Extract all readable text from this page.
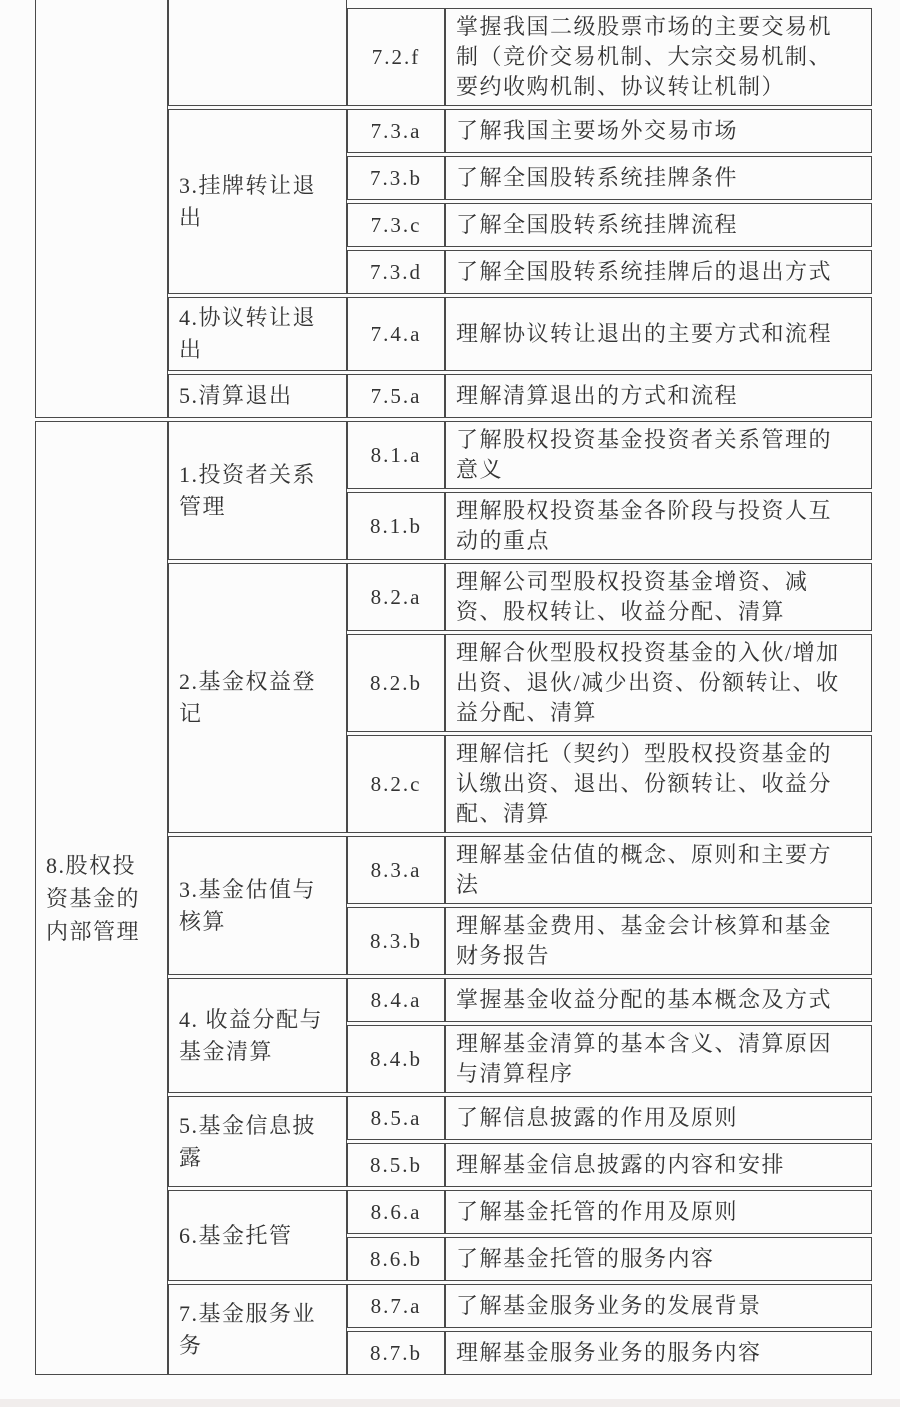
7.2.f
掌握我国二级股票市场的主要交易机制（竞价交易机制、大宗交易机制、要约收购机制、协议转让机制）
3.挂牌转让退出
7.3.a 了解我国主要场外交易市场
7.3.b 了解全国股转系统挂牌条件
7.3.c 了解全国股转系统挂牌流程
7.3.d 了解全国股转系统挂牌后的退出方式
4.协议转让退出
7.4.a 理解协议转让退出的主要方式和流程
5.清算退出	7.5.a 理解清算退出的方式和流程
8.股权投资基金的内部管理
1.投资者关系管理
8.1.a
了解股权投资基金投资者关系管理的意义
8.1.b
理解股权投资基金各阶段与投资人互动的重点
2.基金权益登记
8.2.a
理解公司型股权投资基金增资、减资、股权转让、收益分配、清算
8.2.b
理解合伙型股权投资基金的入伙/增加出资、退伙/减少出资、份额转让、收益分配、清算
8.2.c
理解信托（契约）型股权投资基金的认缴出资、退出、份额转让、收益分配、清算
3.基金估值与核算
8.3.a
理解基金估值的概念、原则和主要方法
8.3.b
理解基金费用、基金会计核算和基金财务报告
4. 收益分配与基金清算
8.4.a 掌握基金收益分配的基本概念及方式
8.4.b
理解基金清算的基本含义、清算原因与清算程序
5.基金信息披露
8.5.a 了解信息披露的作用及原则
8.5.b 理解基金信息披露的内容和安排
6.基金托管
8.6.a 了解基金托管的作用及原则
8.6.b 了解基金托管的服务内容
7.基金服务业务
8.7.a 了解基金服务业务的发展背景
8.7.b 理解基金服务业务的服务内容
